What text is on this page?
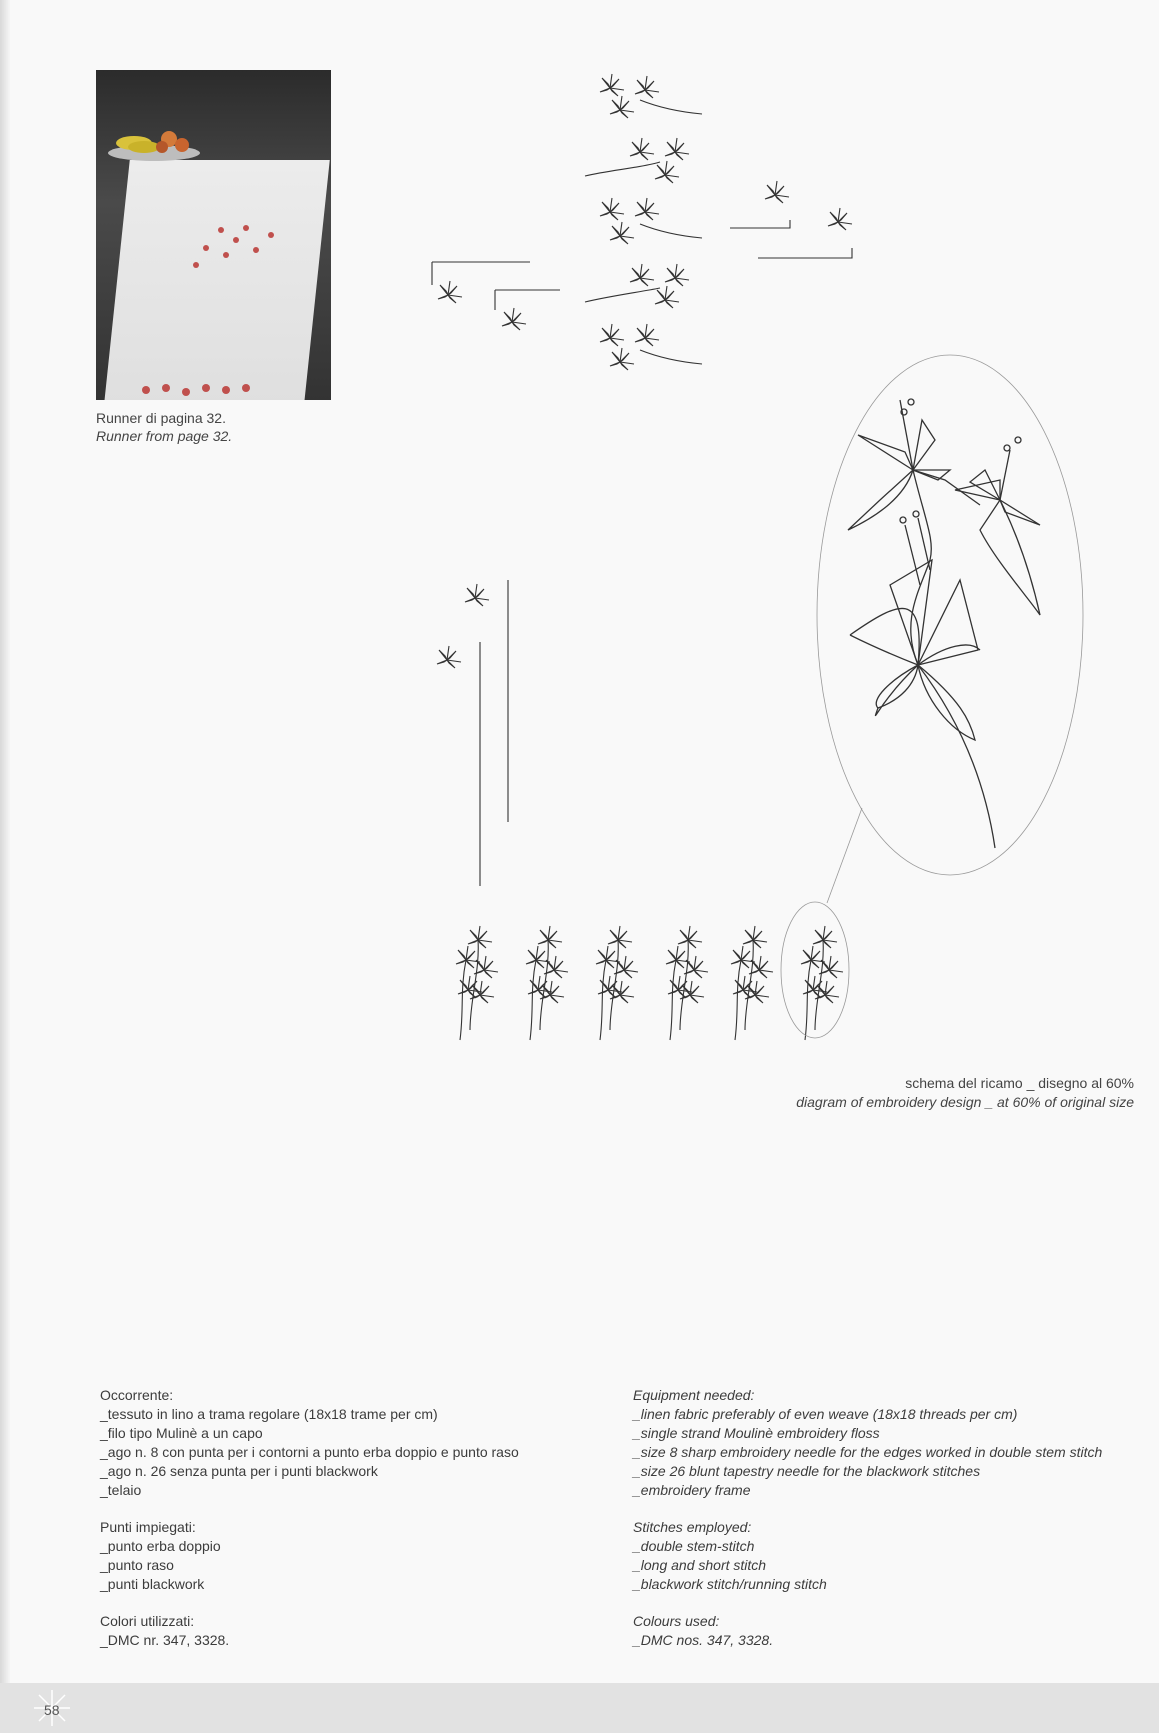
Runner di pagina 32.
Runner from page 32.
schema del ricamo _ disegno al 60%
diagram of embroidery design _ at 60% of original size

Occorrente:

_tessuto in lino a trama regolare (18x18 trame per cm)

_filo tipo Mulinè a un capo

_ago n. 8 con punta per i contorni a punto erba doppio e punto raso

_ago n. 26 senza punta per i punti blackwork

_telaio

Punti impiegati:

_punto erba doppio

_punto raso

_punti blackwork

Colori utilizzati:

_DMC nr. 347, 3328.

Equipment needed:

_linen fabric preferably of even weave (18x18 threads per cm)

_single strand Moulinè embroidery floss

_size 8 sharp embroidery needle for the edges worked in double stem stitch

_size 26 blunt tapestry needle for the blackwork stitches

_embroidery frame

Stitches employed:

_double stem-stitch

_long and short stitch

_blackwork stitch/running stitch

Colours used:

_DMC nos. 347, 3328.

58
